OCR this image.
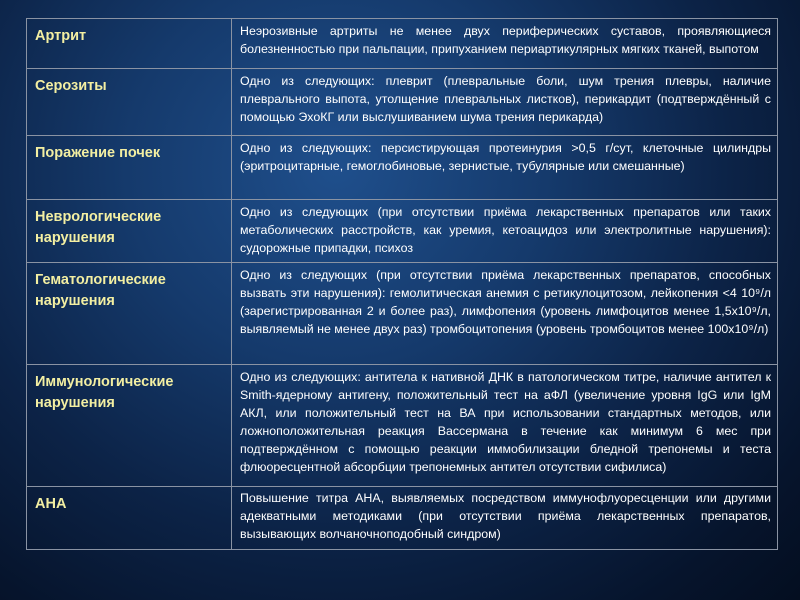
Артрит	Неэрозивные артриты не менее двух периферических суставов, проявляющиеся болезненностью при пальпации, припуханием периартикулярных мягких тканей, выпотом
Серозиты	Одно из следующих: плеврит (плевральные боли, шум трения плевры, наличие плеврального выпота, утолщение плевральных листков), перикардит (подтверждённый с помощью ЭхоКГ или выслушиванием шума трения перикарда)
Поражение почек	Одно из следующих: персистирующая протеинурия >0,5 г/сут, клеточные цилиндры (эритроцитарные, гемоглобиновые, зернистые, тубулярные или смешанные)
Неврологические нарушения	Одно из следующих (при отсутствии приёма лекарственных препаратов или таких метаболических расстройств, как уремия, кетоацидоз или электролитные нарушения): судорожные припадки, психоз
Гематологические нарушения	Одно из следующих (при отсутствии приёма лекарственных препаратов, способных вызвать эти нарушения): гемолитическая анемия с ретикулоцитозом, лейкопения <4 10⁹/л (зарегистрированная 2 и более раз), лимфопения (уровень лимфоцитов менее 1,5х10⁹/л, выявляемый не менее двух раз) тромбоцитопения (уровень тромбоцитов менее 100х10⁹/л)
Иммунологические нарушения	Одно из следующих: антитела к нативной ДНК в патологическом титре, наличие антител к Smith-ядерному антигену, положительный тест на аФЛ (увеличение уровня IgG или IgM АКЛ, или положительный тест на ВА при использовании стандартных методов, или ложноположительная реакция Вассермана в течение как минимум 6 мес при подтверждённом с помощью реакции иммобилизации бледной трепонемы и теста флюоресцентной абсорбции трепонемных антител отсутствии сифилиса)
АНА	Повышение титра АНА, выявляемых посредством иммунофлуоресценции или другими адекватными методиками (при отсутствии приёма лекарственных препаратов, вызывающих волчаночноподобный синдром)
